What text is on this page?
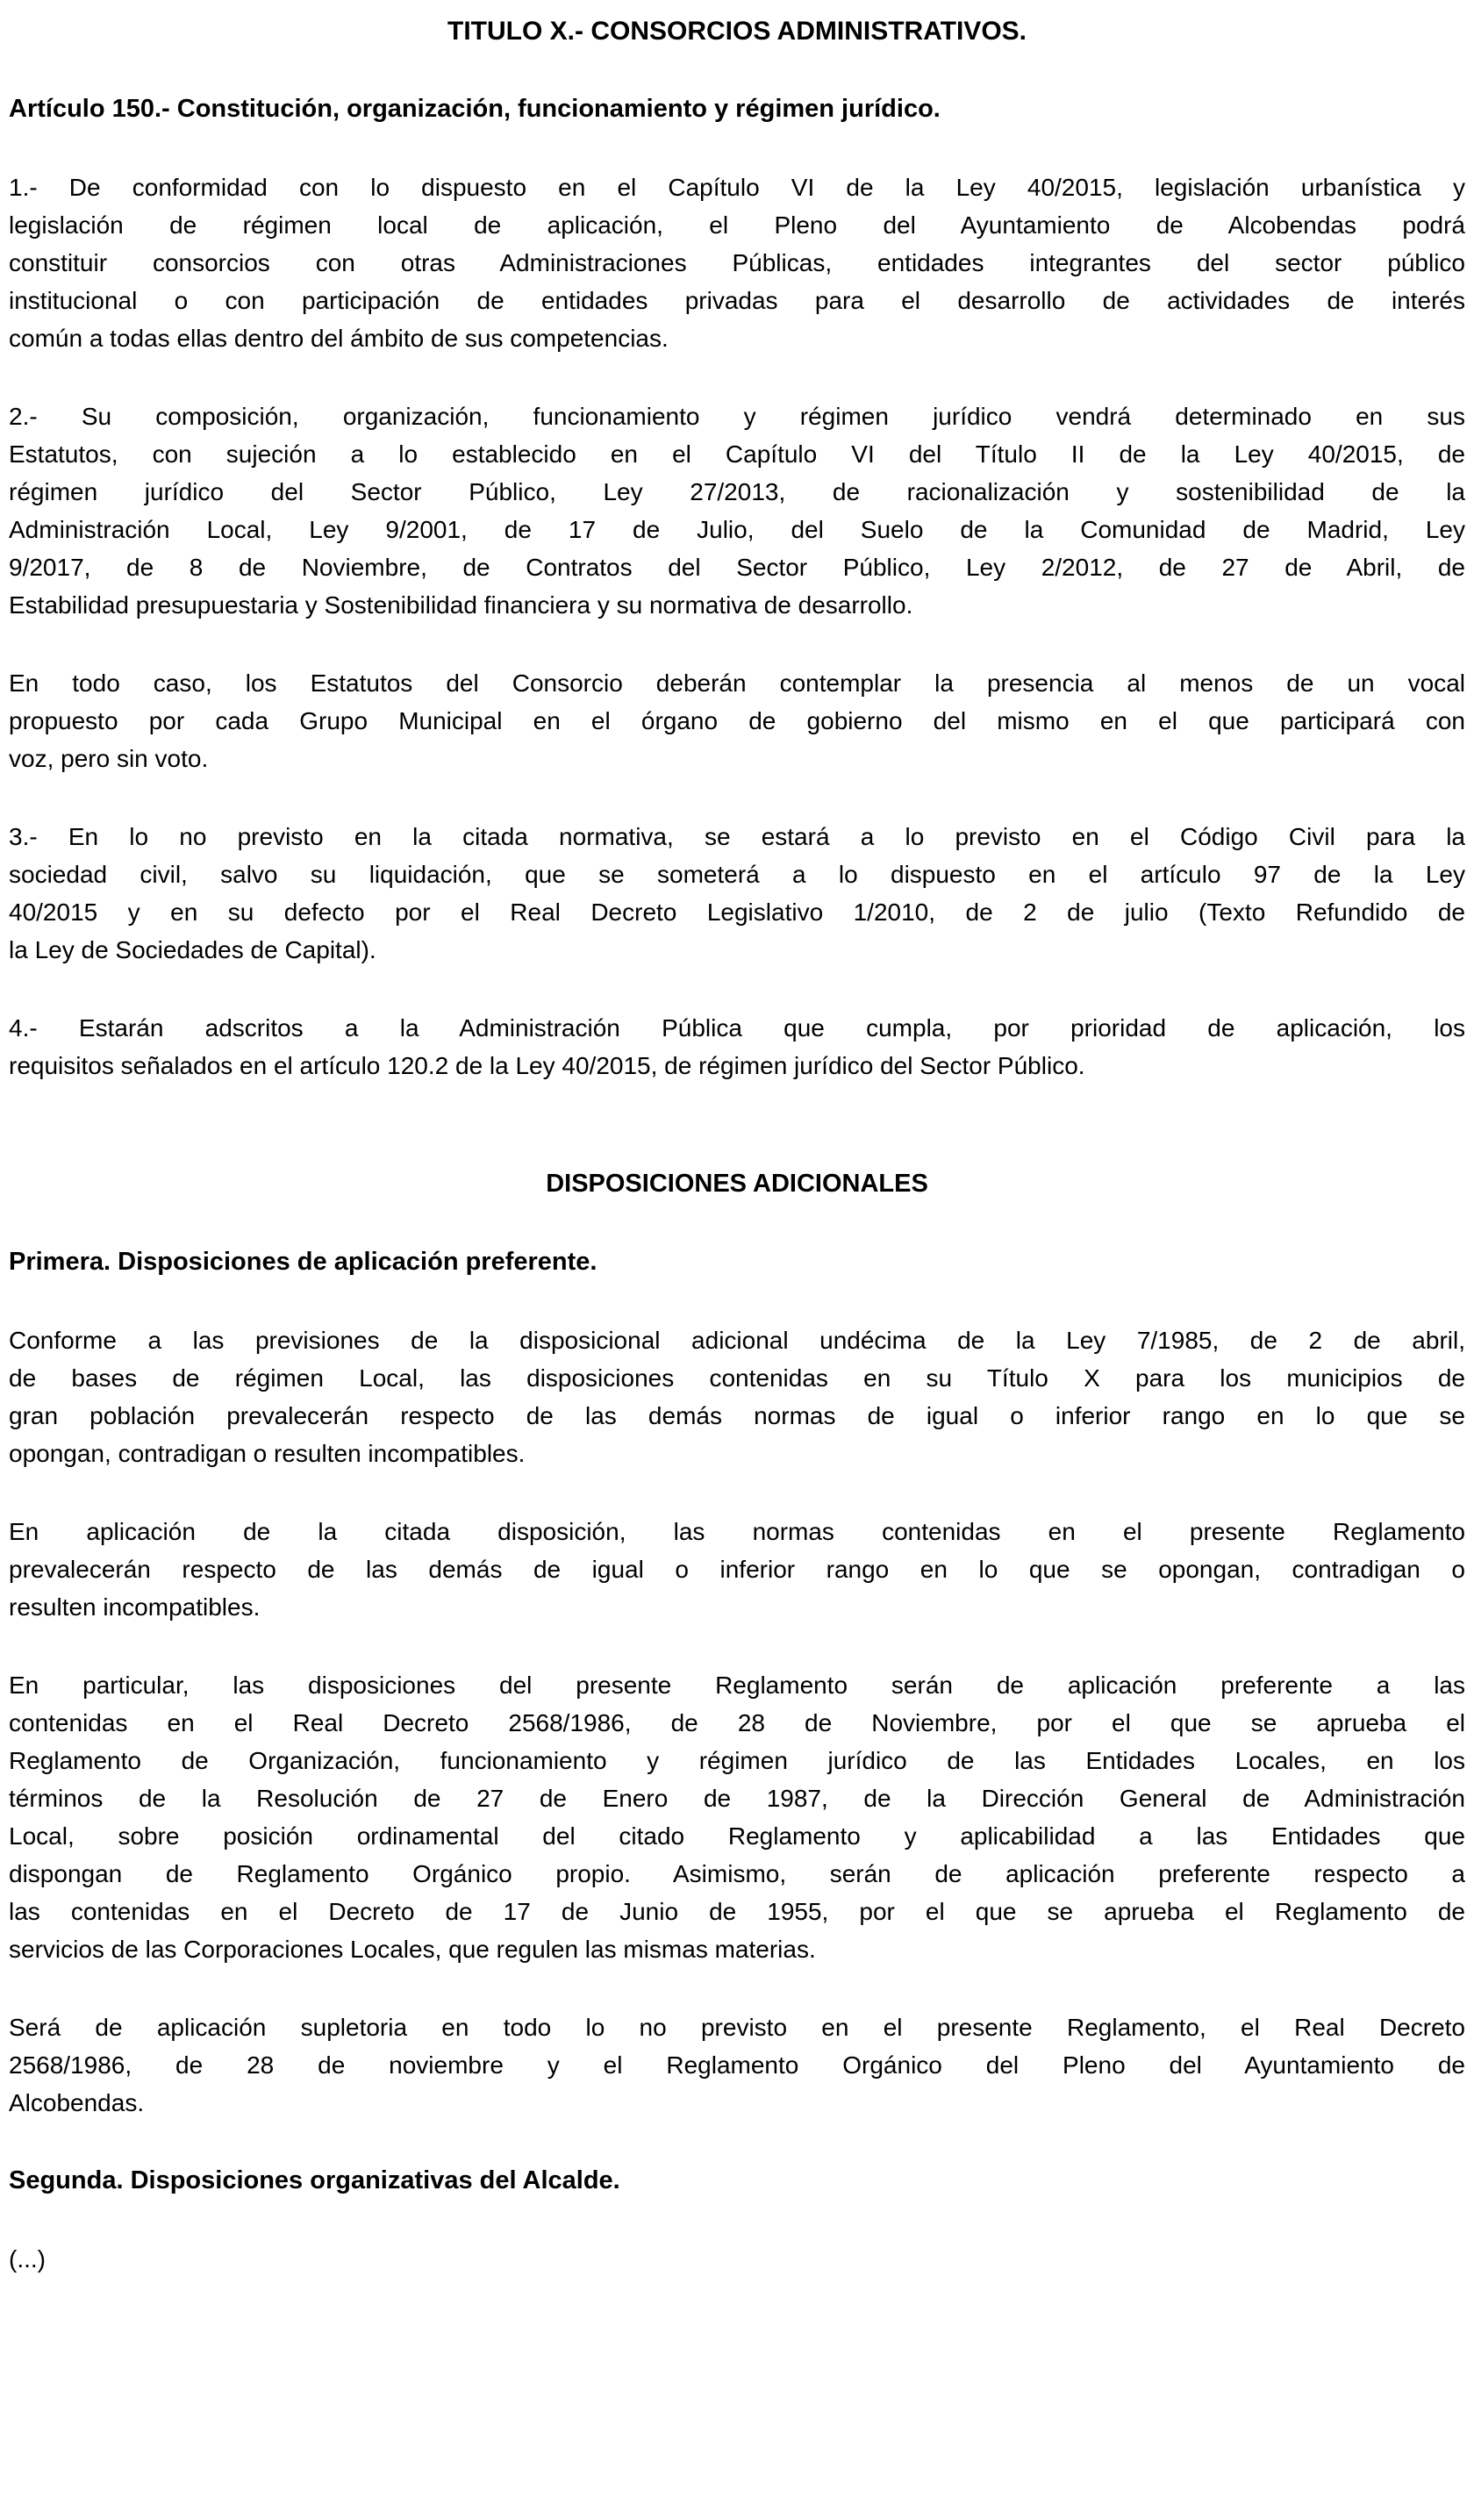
TITULO X.- CONSORCIOS ADMINISTRATIVOS.
Artículo 150.- Constitución, organización, funcionamiento y régimen jurídico.
1.- De conformidad con lo dispuesto en el Capítulo VI de la Ley 40/2015, legislación urbanística y
legislación de régimen local de aplicación, el Pleno del Ayuntamiento de Alcobendas podrá
constituir consorcios con otras Administraciones Públicas, entidades integrantes del sector público
institucional o con participación de entidades privadas para el desarrollo de actividades de interés
común a todas ellas dentro del ámbito de sus competencias.
2.- Su composición, organización, funcionamiento y régimen jurídico vendrá determinado en sus
Estatutos, con sujeción a lo establecido en el Capítulo VI del Título II de la Ley 40/2015, de
régimen jurídico del Sector Público, Ley 27/2013, de racionalización y sostenibilidad de la
Administración Local, Ley 9/2001, de 17 de Julio, del Suelo de la Comunidad de Madrid, Ley
9/2017, de 8 de Noviembre, de Contratos del Sector Público, Ley 2/2012, de 27 de Abril, de
Estabilidad presupuestaria y Sostenibilidad financiera y su normativa de desarrollo.
En todo caso, los Estatutos del Consorcio deberán contemplar la presencia al menos de un vocal
propuesto por cada Grupo Municipal en el órgano de gobierno del mismo en el que participará con
voz, pero sin voto.
3.- En lo no previsto en la citada normativa, se estará a lo previsto en el Código Civil para la
sociedad civil, salvo su liquidación, que se someterá a lo dispuesto en el artículo 97 de la Ley
40/2015 y en su defecto por el Real Decreto Legislativo 1/2010, de 2 de julio (Texto Refundido de
la Ley de Sociedades de Capital).
4.- Estarán adscritos a la Administración Pública que cumpla, por prioridad de aplicación, los
requisitos señalados en el artículo 120.2 de la Ley 40/2015, de régimen jurídico del Sector Público.
DISPOSICIONES ADICIONALES
Primera. Disposiciones de aplicación preferente.
Conforme a las previsiones de la disposicional adicional undécima de la Ley 7/1985, de 2 de abril,
de bases de régimen Local, las disposiciones contenidas en su Título X para los municipios de
gran población prevalecerán respecto de las demás normas de igual o inferior rango en lo que se
opongan, contradigan o resulten incompatibles.
En aplicación de la citada disposición, las normas contenidas en el presente Reglamento
prevalecerán respecto de las demás de igual o inferior rango en lo que se opongan, contradigan o
resulten incompatibles.
En particular, las disposiciones del presente Reglamento serán de aplicación preferente a las
contenidas en el Real Decreto 2568/1986, de 28 de Noviembre, por el que se aprueba el
Reglamento de Organización, funcionamiento y régimen jurídico de las Entidades Locales, en los
términos de la Resolución de 27 de Enero de 1987, de la Dirección General de Administración
Local, sobre posición ordinamental del citado Reglamento y aplicabilidad a las Entidades que
dispongan de Reglamento Orgánico propio. Asimismo, serán de aplicación preferente respecto a
las contenidas en el Decreto de 17 de Junio de 1955, por el que se aprueba el Reglamento de
servicios de las Corporaciones Locales, que regulen las mismas materias.
Será de aplicación supletoria en todo lo no previsto en el presente Reglamento, el Real Decreto
2568/1986, de 28 de noviembre y el Reglamento Orgánico del Pleno del Ayuntamiento de
Alcobendas.
Segunda. Disposiciones organizativas del Alcalde.
(...)
